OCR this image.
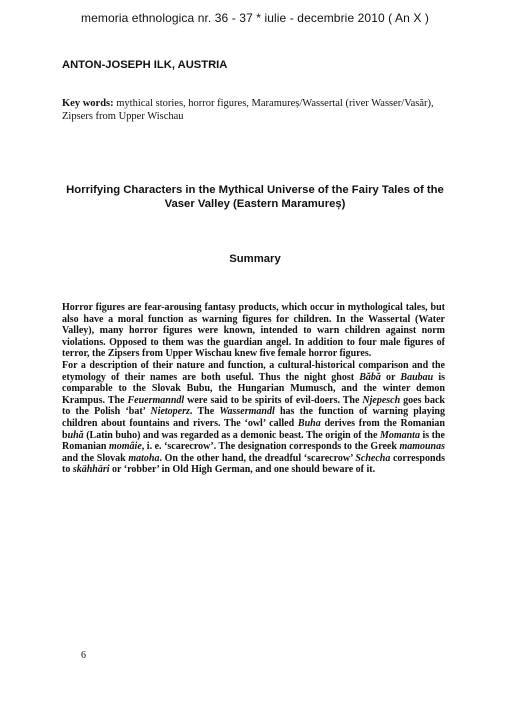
memoria ethnologica nr. 36 - 37 * iulie - decembrie 2010 ( An X )
ANTON-JOSEPH ILK, AUSTRIA
Key words: mythical stories, horror figures, Maramureș/Wassertal (river Wasser/Vasăr), Zipsers from Upper Wischau
Horrifying Characters in the Mythical Universe of the Fairy Tales of the Vaser Valley (Eastern Maramureș)
Summary

Horror figures are fear-arousing fantasy products, which occur in mythological tales, but also have a moral function as warning figures for children. In the Wassertal (Water Valley), many horror figures were known, intended to warn children against norm violations. Opposed to them was the guardian angel. In addition to four male figures of terror, the Zipsers from Upper Wischau knew five female horror figures.

For a description of their nature and function, a cultural-historical comparison and the etymology of their names are both useful. Thus the night ghost Băbă or Baubau is comparable to the Slovak Bubu, the Hungarian Mumusch, and the winter demon Krampus. The Feuermanndl were said to be spirits of evil-doers. The Njepesch goes back to the Polish ‘bat’ Nietoperz. The Wassermandl has the function of warning playing children about fountains and rivers. The ‘owl’ called Buha derives from the Romanian buhă (Latin buho) and was regarded as a demonic beast. The origin of the Momanta is the Romanian momâie, i. e. ‘scarecrow’. The designation corresponds to the Greek mamounas and the Slovak matoha. On the other hand, the dreadful ‘scarecrow’ Schecha corresponds to skähhäri or ‘robber’ in Old High German, and one should beware of it.

6
